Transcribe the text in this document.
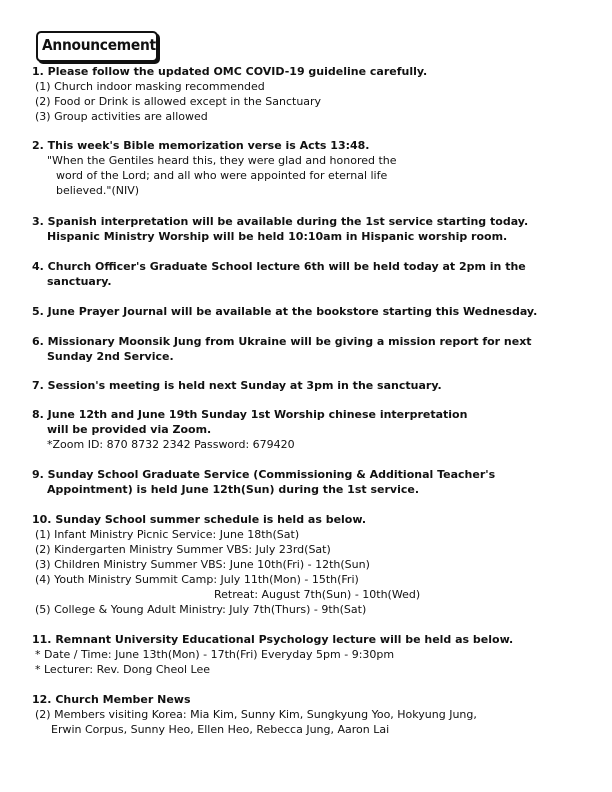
Announcement
1. Please follow the updated OMC COVID-19 guideline carefully.
(1) Church indoor masking recommended
(2) Food or Drink is allowed except in the Sanctuary
(3) Group activities are allowed
2. This week's Bible memorization verse is Acts 13:48.
"When the Gentiles heard this, they were glad and honored the
word of the Lord; and all who were appointed for eternal life
believed."(NIV)
3. Spanish interpretation will be available during the 1st service starting today.
Hispanic Ministry Worship will be held 10:10am in Hispanic worship room.
4. Church Officer's Graduate School lecture 6th will be held today at 2pm in the
sanctuary.
5. June Prayer Journal will be available at the bookstore starting this Wednesday.
6. Missionary Moonsik Jung from Ukraine will be giving a mission report for next
Sunday 2nd Service.
7. Session's meeting is held next Sunday at 3pm in the sanctuary.
8. June 12th and June 19th Sunday 1st Worship chinese interpretation
will be provided via Zoom.
*Zoom ID: 870 8732 2342 Password: 679420
9. Sunday School Graduate Service (Commissioning & Additional Teacher's
Appointment) is held June 12th(Sun) during the 1st service.
10. Sunday School summer schedule is held as below.
(1) Infant Ministry Picnic Service: June 18th(Sat)
(2) Kindergarten Ministry Summer VBS: July 23rd(Sat)
(3) Children Ministry Summer VBS: June 10th(Fri) - 12th(Sun)
(4) Youth Ministry Summit Camp: July 11th(Mon) - 15th(Fri)
Retreat: August 7th(Sun) - 10th(Wed)
(5) College & Young Adult Ministry: July 7th(Thurs) - 9th(Sat)
11. Remnant University Educational Psychology lecture will be held as below.
* Date / Time: June 13th(Mon) - 17th(Fri) Everyday 5pm - 9:30pm
* Lecturer: Rev. Dong Cheol Lee
12. Church Member News
(2) Members visiting Korea: Mia Kim, Sunny Kim, Sungkyung Yoo, Hokyung Jung,
Erwin Corpus, Sunny Heo, Ellen Heo, Rebecca Jung, Aaron Lai
